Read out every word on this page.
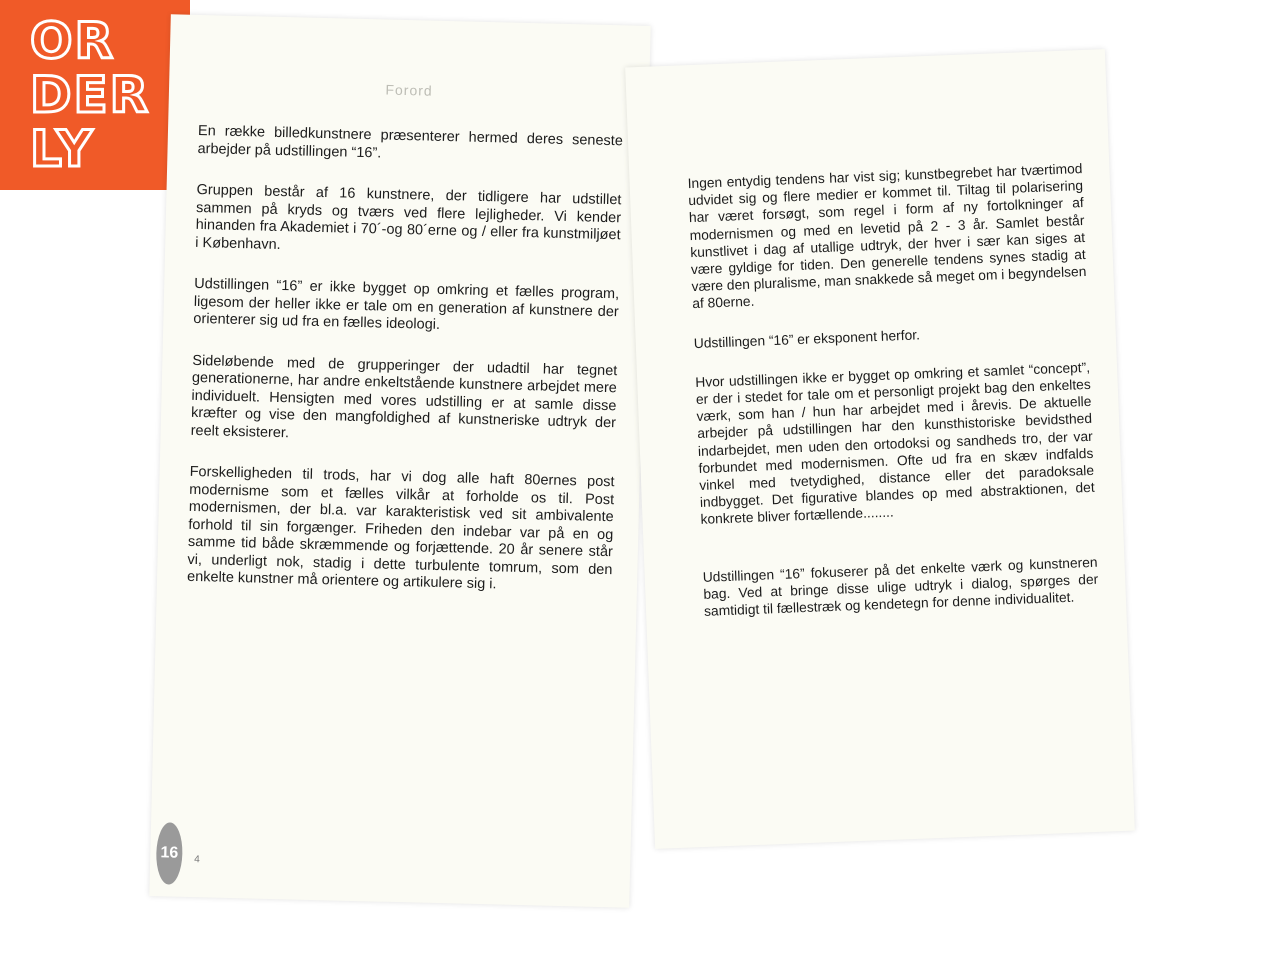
OR
DER
LY
Forord

En række billedkunstnere præsenterer hermed deres seneste arbejder på udstillingen “16”.

Gruppen består af 16 kunstnere, der tidligere har udstillet sammen på kryds og tværs ved flere lejligheder. Vi kender hinanden fra Akademiet i 70´-og 80´erne og / eller fra kunstmiljøet i København.

Udstillingen “16” er ikke bygget op omkring et fælles program, ligesom der heller ikke er tale om en generation af kunstnere der orienterer sig ud fra en fælles ideologi.

Sideløbende med de grupperinger der udadtil har tegnet generationerne, har andre enkeltstående kunstnere arbejdet mere individuelt. Hensigten med vores udstilling er at samle disse kræfter og vise den mangfoldighed af kunstneriske udtryk der reelt eksisterer.

Forskelligheden til trods, har vi dog alle haft 80ernes post modernisme som et fælles vilkår at forholde os til. Post modernismen, der bl.a. var karakteristisk ved sit ambivalente forhold til sin forgænger. Friheden den indebar var på en og samme tid både skræmmende og forjættende. 20 år senere står vi, underligt nok, stadig i dette turbulente tomrum, som den enkelte kunstner må orientere og artikulere sig i.

16	4

Ingen entydig tendens har vist sig; kunstbegrebet har tværtimod udvidet sig og flere medier er kommet til. Tiltag til polarisering har været forsøgt, som regel i form af ny fortolkninger af modernismen og med en levetid på 2 - 3 år. Samlet består kunstlivet i dag af utallige udtryk, der hver i sær kan siges at være gyldige for tiden. Den generelle tendens synes stadig at være den pluralisme, man snakkede så meget om i begyndelsen af 80erne.

Udstillingen “16” er eksponent herfor.

Hvor udstillingen ikke er bygget op omkring et samlet “concept”, er der i stedet for tale om et personligt projekt bag den enkeltes værk, som han / hun har arbejdet med i årevis. De aktuelle arbejder på udstillingen har den kunsthistoriske bevidsthed indarbejdet, men uden den ortodoksi og sandheds tro, der var forbundet med modernismen. Ofte ud fra en skæv indfalds vinkel med tvetydighed, distance eller det paradoksale indbygget. Det figurative blandes op med abstraktionen, det konkrete bliver fortællende........

Udstillingen “16” fokuserer på det enkelte værk og kunstneren bag. Ved at bringe disse ulige udtryk i dialog, spørges der samtidigt til fællestræk og kendetegn for denne individualitet.
